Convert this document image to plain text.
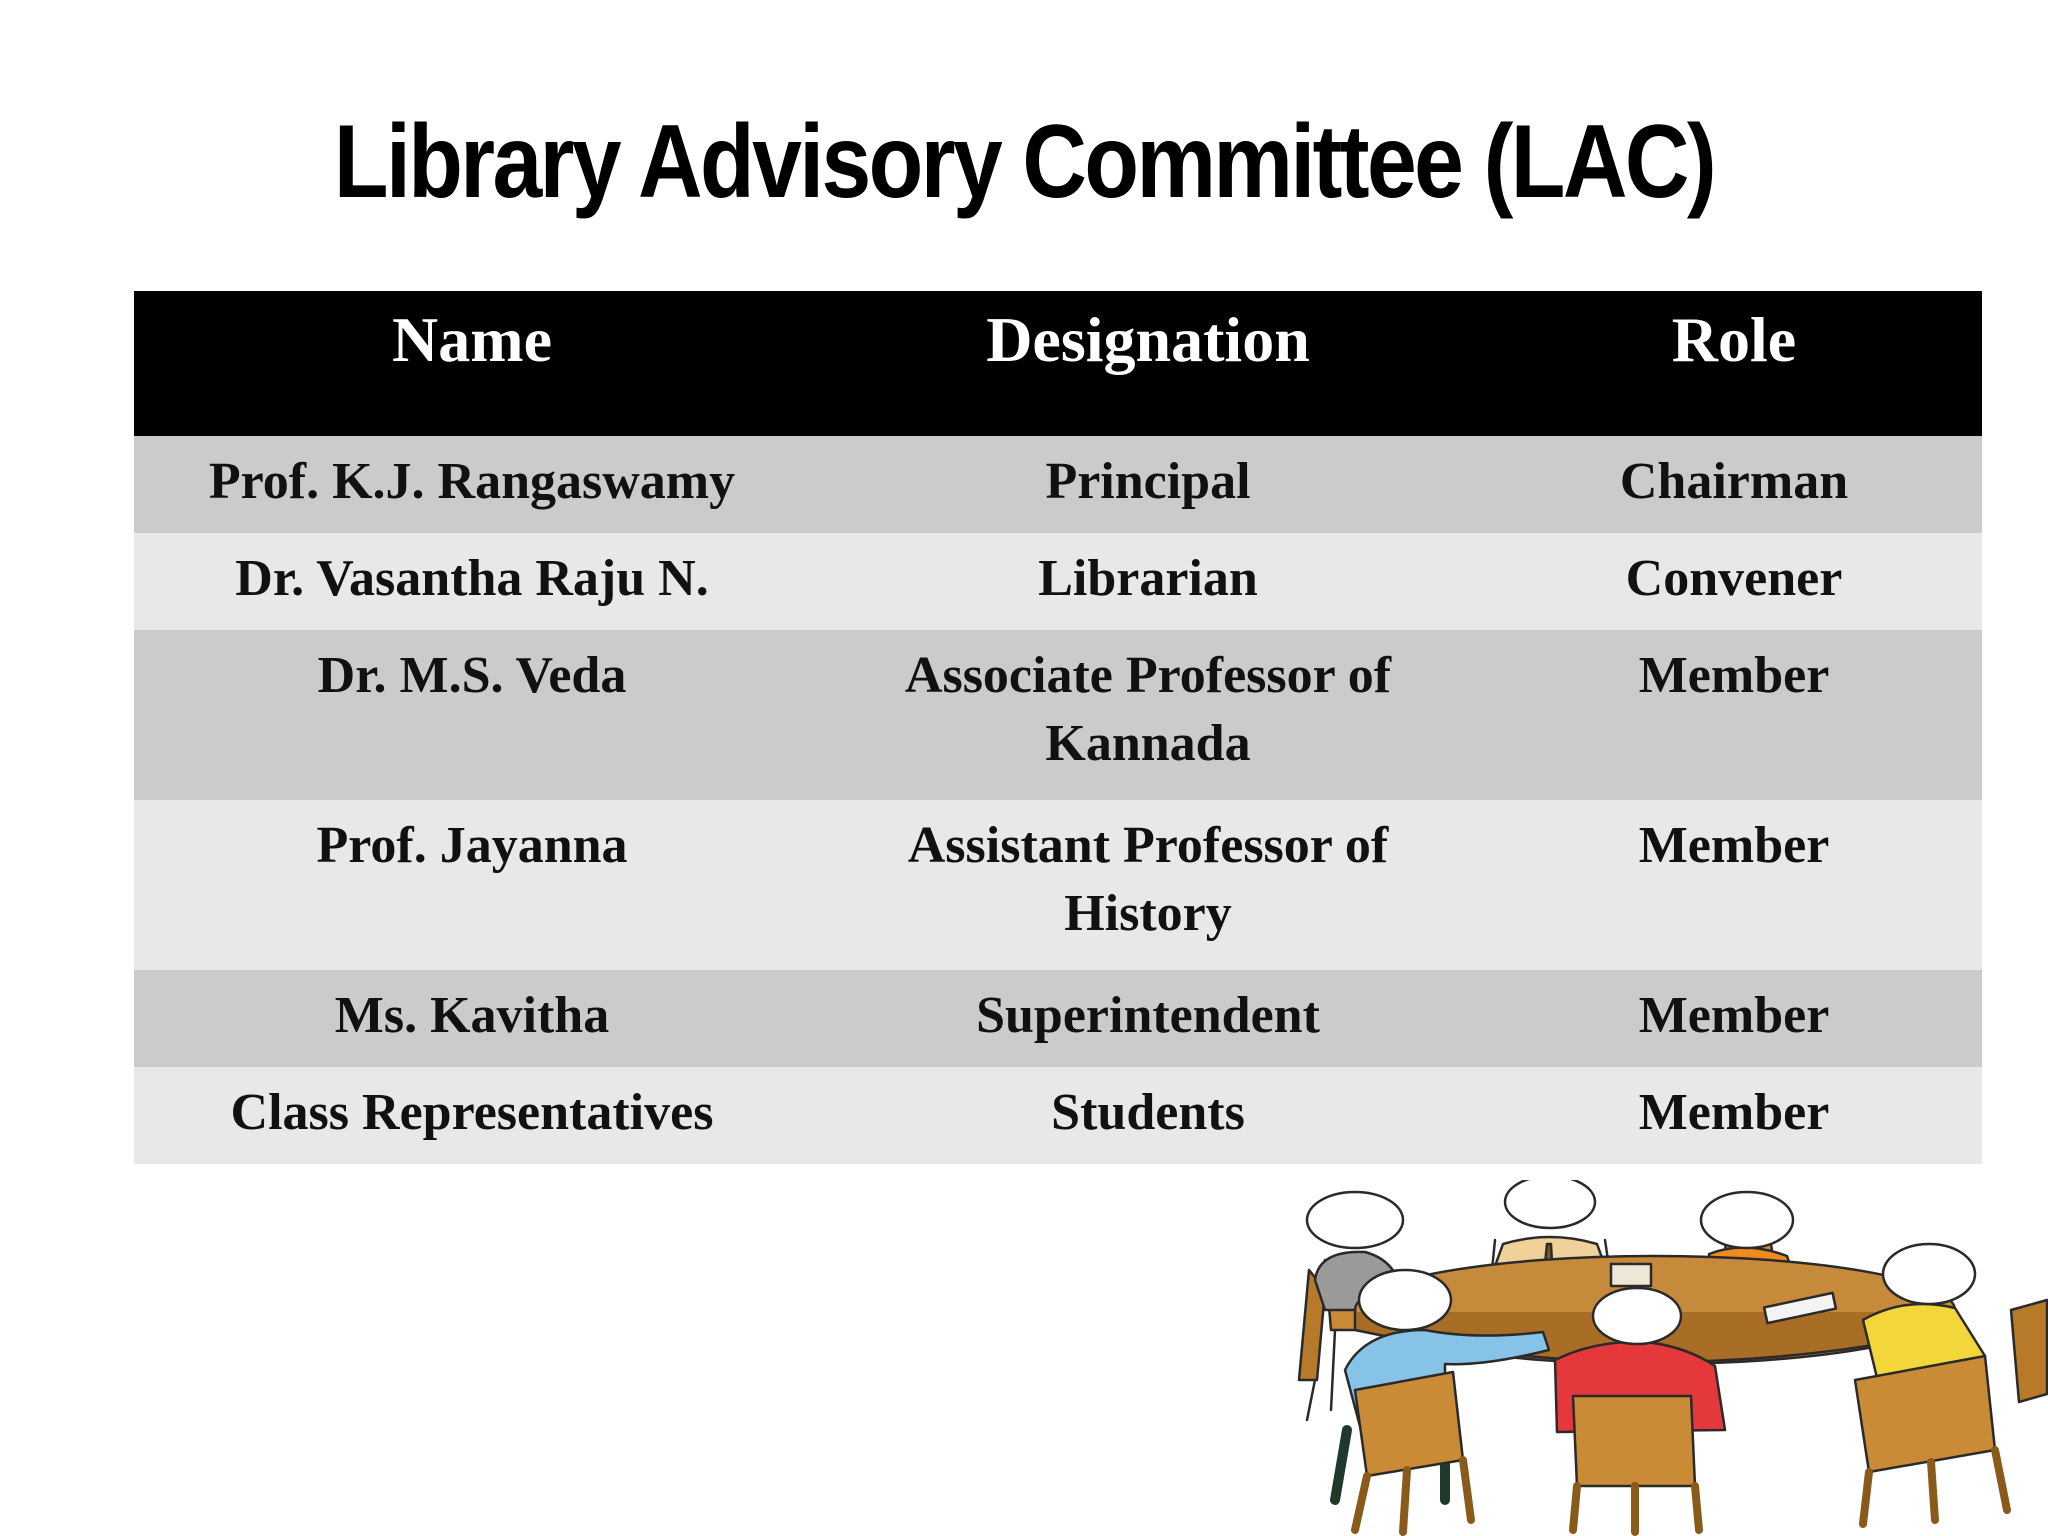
Library Advisory Committee (LAC)
Name	Designation	Role
Prof. K.J. Rangaswamy	Principal	Chairman
Dr. Vasantha Raju N.	Librarian	Convener
Dr. M.S. Veda	Associate Professor of Kannada	Member
Prof. Jayanna	Assistant Professor of History	Member
Ms. Kavitha	Superintendent	Member
Class Representatives	Students	Member
